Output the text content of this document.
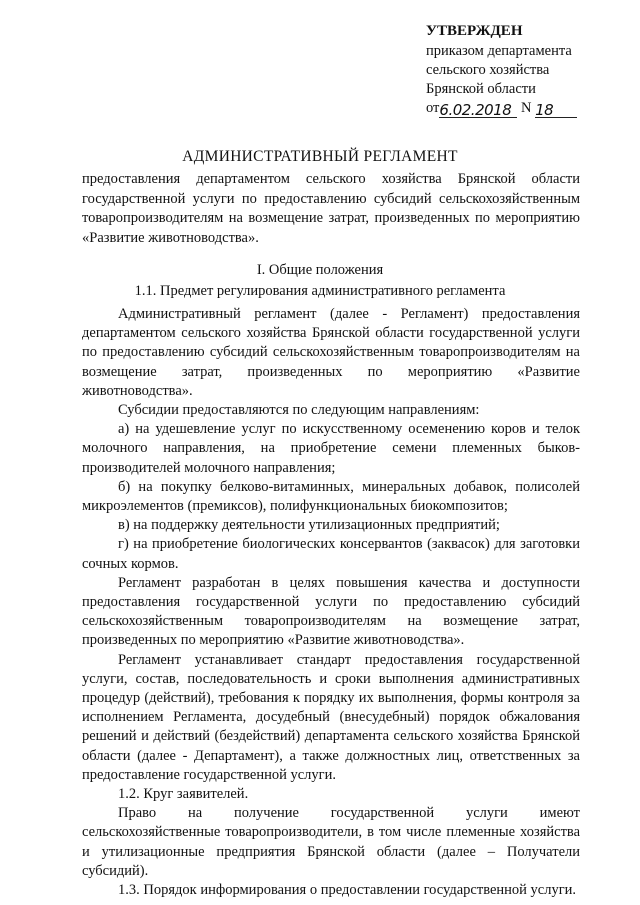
УТВЕРЖДЕН
приказом департамента
сельского хозяйства
Брянской области
от6.02.2018 N 18
АДМИНИСТРАТИВНЫЙ РЕГЛАМЕНТ
предоставления департаментом сельского хозяйства Брянской области государственной услуги по предоставлению субсидий сельскохозяйственным товаропроизводителям на возмещение затрат, произведенных по мероприятию «Развитие животноводства».
I. Общие положения
1.1. Предмет регулирования административного регламента

Административный регламент (далее - Регламент) предоставления департаментом сельского хозяйства Брянской области государственной услуги по предоставлению субсидий сельскохозяйственным товаропроизводителям на возмещение затрат, произведенных по мероприятию «Развитие животноводства».

Субсидии предоставляются по следующим направлениям:

а) на удешевление услуг по искусственному осеменению коров и телок молочного направления, на приобретение семени племенных быков-производителей молочного направления;

б) на покупку белково-витаминных, минеральных добавок, полисолей микроэлементов (премиксов), полифункциональных биокомпозитов;

в) на поддержку деятельности утилизационных предприятий;

г) на приобретение биологических консервантов (заквасок) для заготовки сочных кормов.

Регламент разработан в целях повышения качества и доступности предоставления государственной услуги по предоставлению субсидий сельскохозяйственным товаропроизводителям на возмещение затрат, произведенных по мероприятию «Развитие животноводства».

Регламент устанавливает стандарт предоставления государственной услуги, состав, последовательность и сроки выполнения административных процедур (действий), требования к порядку их выполнения, формы контроля за исполнением Регламента, досудебный (внесудебный) порядок обжалования решений и действий (бездействий) департамента сельского хозяйства Брянской области (далее - Департамент), а также должностных лиц, ответственных за предоставление государственной услуги.

1.2. Круг заявителей.

Право на получение государственной услуги имеют сельскохозяйственные товаропроизводители, в том числе племенные хозяйства и утилизационные предприятия Брянской области (далее – Получатели субсидий).

1.3. Порядок информирования о предоставлении государственной услуги.
